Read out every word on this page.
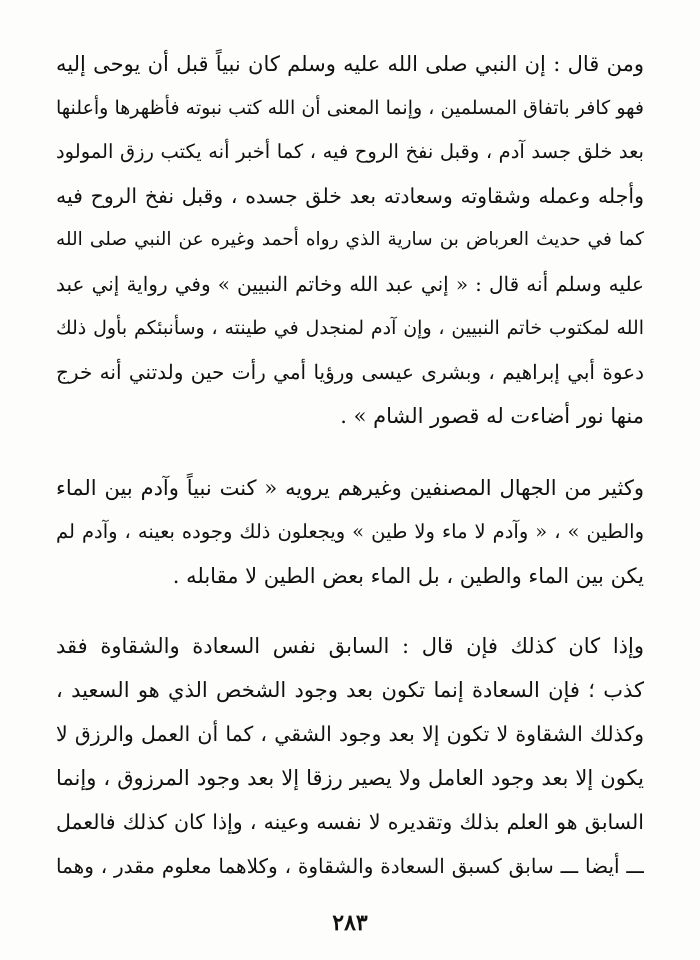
ومن قال : إن النبي صلى الله عليه وسلم كان نبياً قبل أن يوحى إليه
فهو كافر باتفاق المسلمين ، وإنما المعنى أن الله كتب نبوته فأظهرها وأعلنها
بعد خلق جسد آدم ، وقبل نفخ الروح فيه ، كما أخبر أنه يكتب رزق المولود
وأجله وعمله وشقاوته وسعادته بعد خلق جسده ، وقبل نفخ الروح فيه
كما في حديث العرباض بن سارية الذي رواه أحمد وغيره عن النبي صلى الله
عليه وسلم أنه قال : « إني عبد الله وخاتم النبيين » وفي رواية إني عبد
الله لمكتوب خاتم النبيين ، وإن آدم لمنجدل في طينته ، وسأنبئكم بأول ذلك
دعوة أبي إبراهيم ، وبشرى عيسى ورؤيا أمي رأت حين ولدتني أنه خرج
منها نور أضاءت له قصور الشام » .
وكثير من الجهال المصنفين وغيرهم يرويه « كنت نبياً وآدم بين الماء
والطين » ، « وآدم لا ماء ولا طين » ويجعلون ذلك وجوده بعينه ، وآدم لم
يكن بين الماء والطين ، بل الماء بعض الطين لا مقابله .
وإذا كان كذلك فإن قال : السابق نفس السعادة والشقاوة فقد
كذب ؛ فإن السعادة إنما تكون بعد وجود الشخص الذي هو السعيد ،
وكذلك الشقاوة لا تكون إلا بعد وجود الشقي ، كما أن العمل والرزق لا
يكون إلا بعد وجود العامل ولا يصير رزقا إلا بعد وجود المرزوق ، وإنما
السابق هو العلم بذلك وتقديره لا نفسه وعينه ، وإذا كان كذلك فالعمل
ـــ أيضا ـــ سابق كسبق السعادة والشقاوة ، وكلاهما معلوم مقدر ، وهما
٢٨٣
